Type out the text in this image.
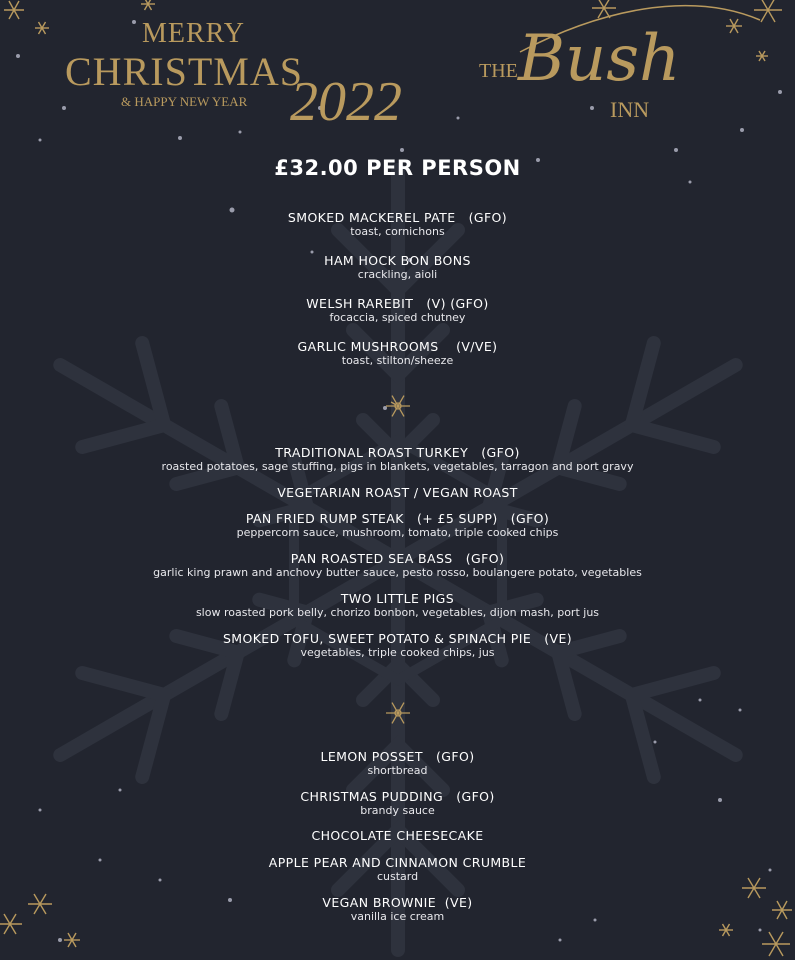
MERRY
CHRISTMAS
& HAPPY NEW YEAR 2022	THE Bush
INN
£32.00 PER PERSON
SMOKED MACKEREL PATE   (GFO)
toast, cornichons
HAM HOCK BON BONS
crackling, aioli
WELSH RAREBIT   (V) (GFO)
focaccia, spiced chutney
GARLIC MUSHROOMS    (V/VE)
toast, stilton/sheeze
TRADITIONAL ROAST TURKEY   (GFO)
roasted potatoes, sage stuffing, pigs in blankets, vegetables, tarragon and port gravy
VEGETARIAN ROAST / VEGAN ROAST
PAN FRIED RUMP STEAK   (+ £5 SUPP)   (GFO)
peppercorn sauce, mushroom, tomato, triple cooked chips
PAN ROASTED SEA BASS   (GFO)
garlic king prawn and anchovy butter sauce, pesto rosso, boulangere potato, vegetables
TWO LITTLE PIGS
slow roasted pork belly, chorizo bonbon, vegetables, dijon mash, port jus
SMOKED TOFU, SWEET POTATO & SPINACH PIE   (VE)
vegetables, triple cooked chips, jus
LEMON POSSET   (GFO)
shortbread
CHRISTMAS PUDDING   (GFO)
brandy sauce
CHOCOLATE CHEESECAKE
APPLE PEAR AND CINNAMON CRUMBLE
custard
VEGAN BROWNIE  (VE)
vanilla ice cream
